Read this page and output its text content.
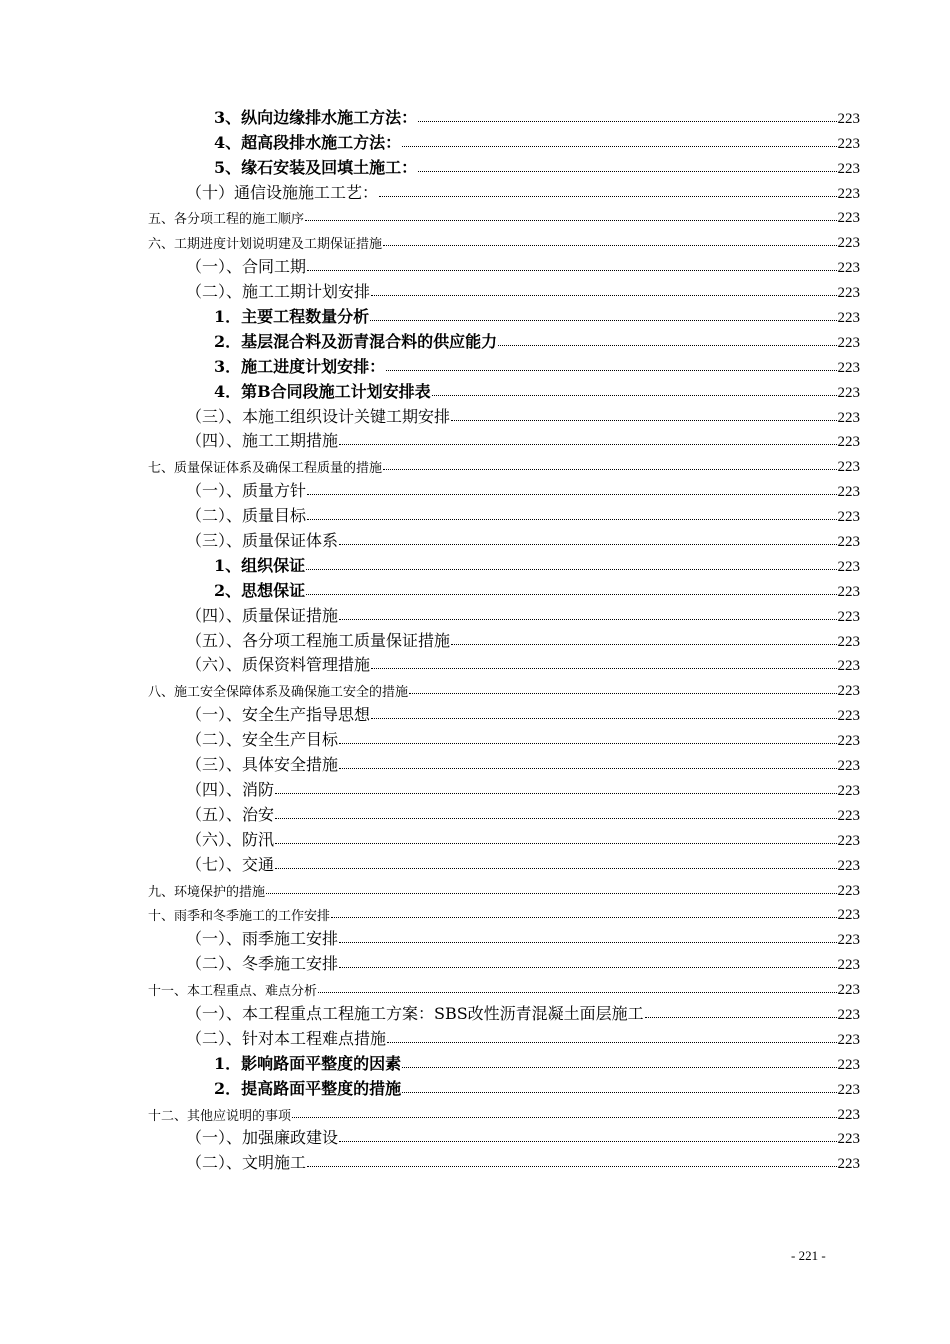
3、纵向边缘排水施工方法：	223
4、超高段排水施工方法：	223
5、缘石安装及回填土施工：	223
（十）通信设施施工工艺：	223
五、各分项工程的施工顺序	223
六、工期进度计划说明建及工期保证措施	223
（一）、合同工期	223
（二）、施工工期计划安排	223
1．主要工程数量分析	223
2．基层混合料及沥青混合料的供应能力	223
3．施工进度计划安排：	223
4．第B合同段施工计划安排表	223
（三）、本施工组织设计关键工期安排	223
（四）、施工工期措施	223
七、质量保证体系及确保工程质量的措施	223
（一）、质量方针	223
（二）、质量目标	223
（三）、质量保证体系	223
1、组织保证	223
2、思想保证	223
（四）、质量保证措施	223
（五）、各分项工程施工质量保证措施	223
（六）、质保资料管理措施	223
八、施工安全保障体系及确保施工安全的措施	223
（一）、安全生产指导思想	223
（二）、安全生产目标	223
（三）、具体安全措施	223
（四）、消防	223
（五）、治安	223
（六）、防汛	223
（七）、交通	223
九、环境保护的措施	223
十、雨季和冬季施工的工作安排	223
（一）、雨季施工安排	223
（二）、冬季施工安排	223
十一、本工程重点、难点分析	223
（一）、本工程重点工程施工方案：SBS改性沥青混凝土面层施工	223
（二）、针对本工程难点措施	223
1．影响路面平整度的因素	223
2．提高路面平整度的措施	223
十二、其他应说明的事项	223
（一）、加强廉政建设	223
（二）、文明施工	223
- 221 -
